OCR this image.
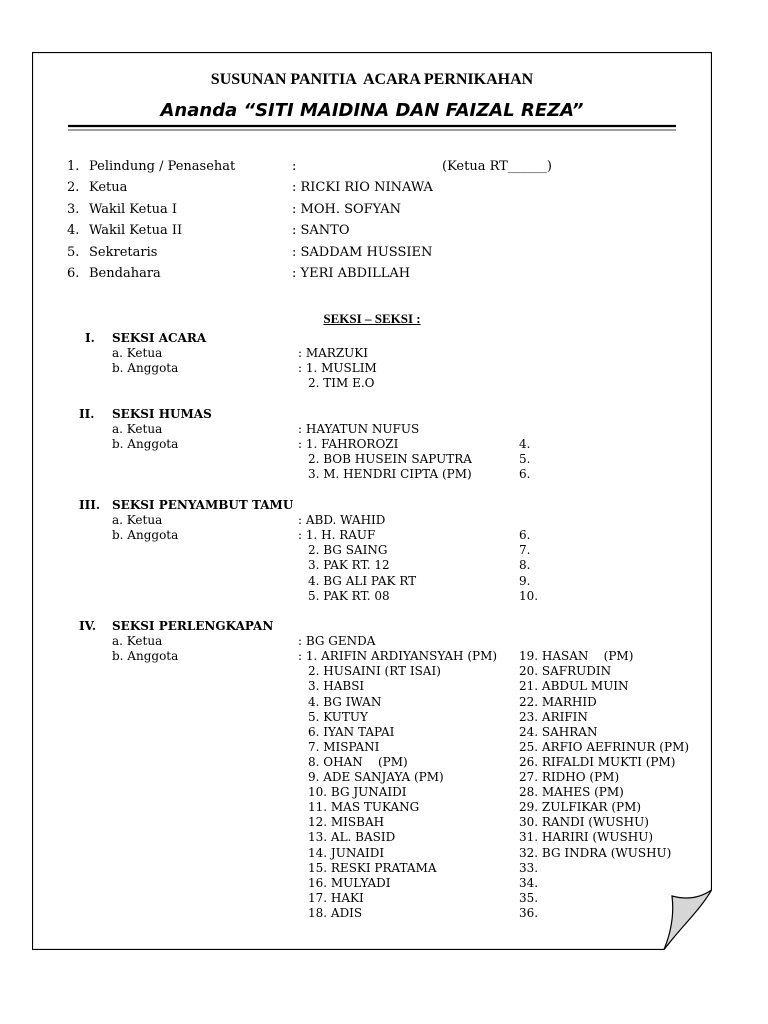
SUSUNAN PANITIA  ACARA PERNIKAHAN
Ananda “SITI MAIDINA DAN FAIZAL REZA”
1. Pelindung / Penasehat	:	(Ketua RT______)
2. Ketua	: RICKI RIO NINAWA
3. Wakil Ketua I	: MOH. SOFYAN
4. Wakil Ketua II	: SANTO
5. Sekretaris	: SADDAM HUSSIEN
6. Bendahara	: YERI ABDILLAH
SEKSI – SEKSI :
I. SEKSI ACARA
a. Ketua	: MARZUKI
b. Anggota	: 1. MUSLIM
2. TIM E.O
II. SEKSI HUMAS
a. Ketua	: HAYATUN NUFUS
b. Anggota	: 1. FAHROROZI
2. BOB HUSEIN SAPUTRA
3. M. HENDRI CIPTA (PM)
4.
5.
6.
III. SEKSI PENYAMBUT TAMU
a. Ketua	: ABD. WAHID
b. Anggota	: 1. H. RAUF
2. BG SAING
3. PAK RT. 12
4. BG ALI PAK RT
5. PAK RT. 08
6.
7.
8.
9.
10.
IV. SEKSI PERLENGKAPAN
a. Ketua	: BG GENDA
b. Anggota	: 1. ARIFIN ARDIYANSYAH (PM)
2. HUSAINI (RT ISAI)
3. HABSI
4. BG IWAN
5. KUTUY
6. IYAN TAPAI
7. MISPANI
8. OHAN    (PM)
9. ADE SANJAYA (PM)
10. BG JUNAIDI
11. MAS TUKANG
12. MISBAH
13. AL. BASID
14. JUNAIDI
15. RESKI PRATAMA
16. MULYADI
17. HAKI
18. ADIS
19. HASAN    (PM)
20. SAFRUDIN
21. ABDUL MUIN
22. MARHID
23. ARIFIN
24. SAHRAN
25. ARFIO AEFRINUR (PM)
26. RIFALDI MUKTI (PM)
27. RIDHO (PM)
28. MAHES (PM)
29. ZULFIKAR (PM)
30. RANDI (WUSHU)
31. HARIRI (WUSHU)
32. BG INDRA (WUSHU)
33.
34.
35.
36.
